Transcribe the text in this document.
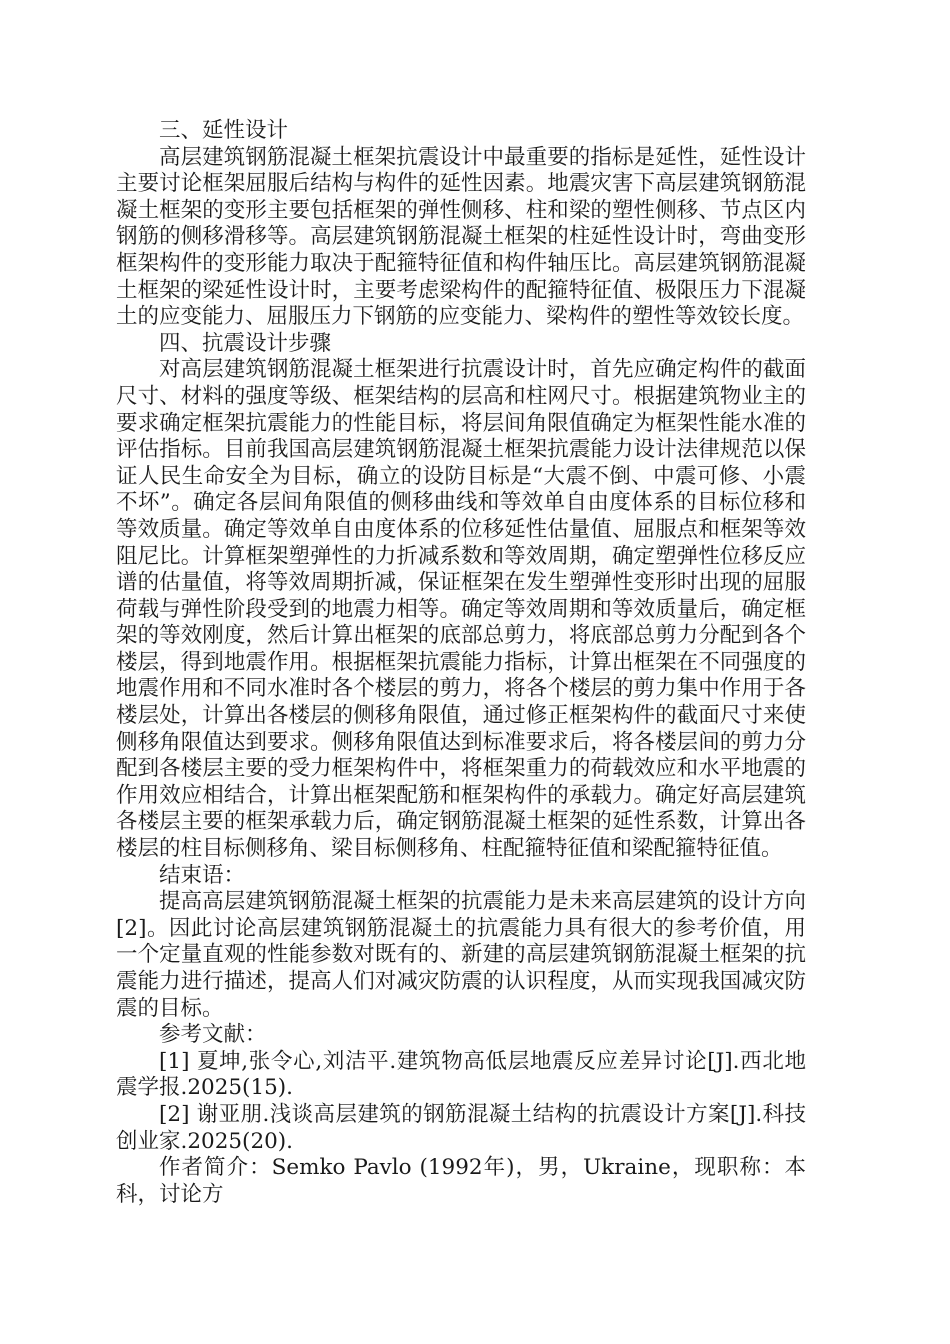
三、延性设计

高层建筑钢筋混凝土框架抗震设计中最重要的指标是延性，延性设计主要讨论框架屈服后结构与构件的延性因素。地震灾害下高层建筑钢筋混凝土框架的变形主要包括框架的弹性侧移、柱和梁的塑性侧移、节点区内钢筋的侧移滑移等。高层建筑钢筋混凝土框架的柱延性设计时，弯曲变形框架构件的变形能力取决于配箍特征值和构件轴压比。高层建筑钢筋混凝土框架的梁延性设计时，主要考虑梁构件的配箍特征值、极限压力下混凝土的应变能力、屈服压力下钢筋的应变能力、梁构件的塑性等效铰长度。

四、抗震设计步骤

对高层建筑钢筋混凝土框架进行抗震设计时，首先应确定构件的截面尺寸、材料的强度等级、框架结构的层高和柱网尺寸。根据建筑物业主的要求确定框架抗震能力的性能目标，将层间角限值确定为框架性能水准的评估指标。目前我国高层建筑钢筋混凝土框架抗震能力设计法律规范以保证人民生命安全为目标，确立的设防目标是“大震不倒、中震可修、小震不坏”。确定各层间角限值的侧移曲线和等效单自由度体系的目标位移和等效质量。确定等效单自由度体系的位移延性估量值、屈服点和框架等效阻尼比。计算框架塑弹性的力折减系数和等效周期，确定塑弹性位移反应谱的估量值，将等效周期折减，保证框架在发生塑弹性变形时出现的屈服荷载与弹性阶段受到的地震力相等。确定等效周期和等效质量后，确定框架的等效刚度，然后计算出框架的底部总剪力，将底部总剪力分配到各个楼层，得到地震作用。根据框架抗震能力指标，计算出框架在不同强度的地震作用和不同水准时各个楼层的剪力，将各个楼层的剪力集中作用于各楼层处，计算出各楼层的侧移角限值，通过修正框架构件的截面尺寸来使侧移角限值达到要求。侧移角限值达到标准要求后，将各楼层间的剪力分配到各楼层主要的受力框架构件中，将框架重力的荷载效应和水平地震的作用效应相结合，计算出框架配筋和框架构件的承载力。确定好高层建筑各楼层主要的框架承载力后，确定钢筋混凝土框架的延性系数，计算出各楼层的柱目标侧移角、梁目标侧移角、柱配箍特征值和梁配箍特征值。

结束语：

提高高层建筑钢筋混凝土框架的抗震能力是未来高层建筑的设计方向[2]。因此讨论高层建筑钢筋混凝土的抗震能力具有很大的参考价值，用一个定量直观的性能参数对既有的、新建的高层建筑钢筋混凝土框架的抗震能力进行描述，提高人们对减灾防震的认识程度，从而实现我国减灾防震的目标。

参考文献：

[1] 夏坤,张令心,刘洁平.建筑物高低层地震反应差异讨论[J].西北地震学报.2025(15).

[2] 谢亚朋.浅谈高层建筑的钢筋混凝土结构的抗震设计方案[J].科技创业家.2025(20).

作者简介：Semko Pavlo (1992年)，男，Ukraine，现职称：本科，讨论方
